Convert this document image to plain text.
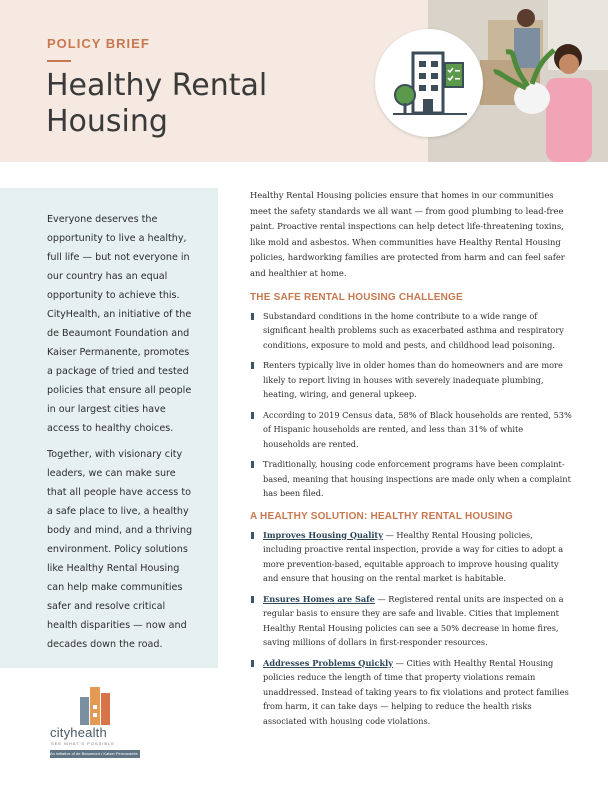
POLICY BRIEF
Healthy Rental Housing

Everyone deserves the opportunity to live a healthy, full life — but not everyone in our country has an equal opportunity to achieve this. CityHealth, an initiative of the de Beaumont Foundation and Kaiser Permanente, promotes a package of tried and tested policies that ensure all people in our largest cities have access to healthy choices.

Together, with visionary city leaders, we can make sure that all people have access to a safe place to live, a healthy body and mind, and a thriving environment. Policy solutions like Healthy Rental Housing can help make communities safer and resolve critical health disparities — now and decades down the road.

cityhealth
SEE WHAT'S POSSIBLE
An initiative of de Beaumont • Kaiser Permanente

Healthy Rental Housing policies ensure that homes in our communities meet the safety standards we all want — from good plumbing to lead-free paint. Proactive rental inspections can help detect life-threatening toxins, like mold and asbestos. When communities have Healthy Rental Housing policies, hardworking families are protected from harm and can feel safer and healthier at home.

THE SAFE RENTAL HOUSING CHALLENGE
Substandard conditions in the home contribute to a wide range of significant health problems such as exacerbated asthma and respiratory conditions, exposure to mold and pests, and childhood lead poisoning.
Renters typically live in older homes than do homeowners and are more likely to report living in houses with severely inadequate plumbing, heating, wiring, and general upkeep.
According to 2019 Census data, 58% of Black households are rented, 53% of Hispanic households are rented, and less than 31% of white households are rented.
Traditionally, housing code enforcement programs have been complaint-based, meaning that housing inspections are made only when a complaint has been filed.
A HEALTHY SOLUTION: HEALTHY RENTAL HOUSING
Improves Housing Quality — Healthy Rental Housing policies, including proactive rental inspection, provide a way for cities to adopt a more prevention-based, equitable approach to improve housing quality and ensure that housing on the rental market is habitable.
Ensures Homes are Safe — Registered rental units are inspected on a regular basis to ensure they are safe and livable. Cities that implement Healthy Rental Housing policies can see a 50% decrease in home fires, saving millions of dollars in first-responder resources.
Addresses Problems Quickly — Cities with Healthy Rental Housing policies reduce the length of time that property violations remain unaddressed. Instead of taking years to fix violations and protect families from harm, it can take days — helping to reduce the health risks associated with housing code violations.
